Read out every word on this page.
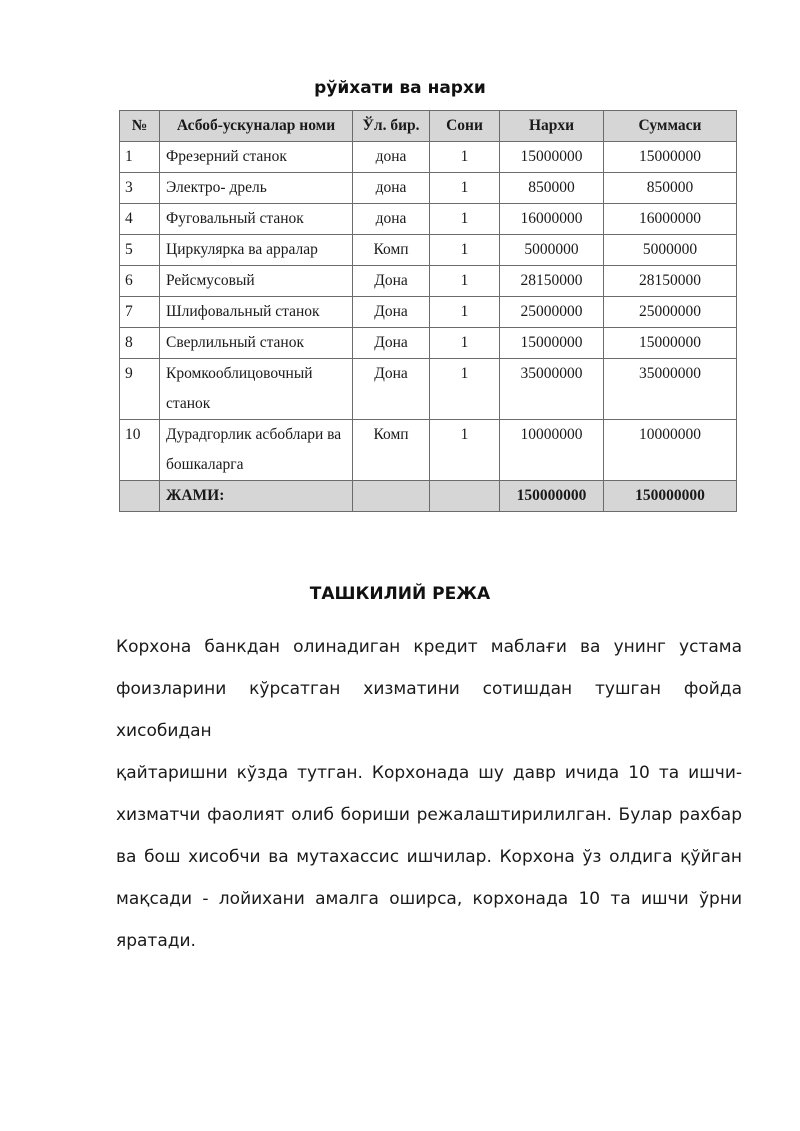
рўйхати ва нархи
№	Асбоб-ускуналар номи	Ўл. бир.	Сони	Нархи	Суммаси
1	Фрезерний станок	дона	1	15000000	15000000
3	Электро- дрель	дона	1	850000	850000
4	Фуговальный станок	дона	1	16000000	16000000
5	Циркулярка ва арралар	Комп	1	5000000	5000000
6	Рейсмусовый	Дона	1	28150000	28150000
7	Шлифовальный станок	Дона	1	25000000	25000000
8	Сверлильный станок	Дона	1	15000000	15000000
9	Кромкооблицовочный станок	Дона	1	35000000	35000000
10	Дурадгорлик асбоблари ва бошкаларга	Комп	1	10000000	10000000
	ЖАМИ:			150000000	150000000
ТАШКИЛИЙ РЕЖА

Корхона банкдан олинадиган кредит маблағи ва унинг устама фоизларини кўрсатган хизматини сотишдан тушган фойда хисобидан

қайтаришни кўзда тутган. Корхонада шу давр ичида 10 та ишчи-хизматчи фаолият олиб бориши режалаштирилилган. Булар рахбар ва бош хисобчи ва мутахассис ишчилар. Корхона ўз олдига қўйган мақсади - лойихани амалга оширса, корхонада 10 та ишчи ўрни яратади.
